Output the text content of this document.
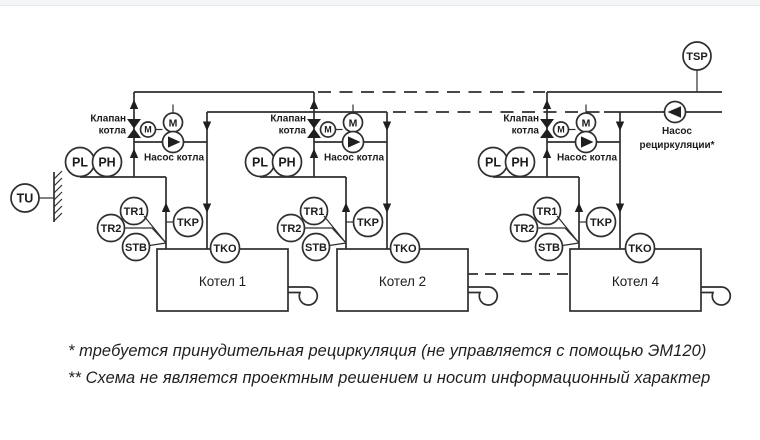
TSP
Насос
рециркуляции*
TU
M
M
Котел 1
PL PH
TR1
TR2
STB
TKP
TKO
Клапан
котла
Насос котла
M
M
Котел 2
PL PH
TR1
TR2
STB
TKP
TKO
Клапан
котла
Насос котла
M
M
Котел 4
PL PH
TR1
TR2
STB
TKP
TKO
Клапан
котла
Насос котла
* требуется принудительная рециркуляция (не управляется с помощью ЭМ120)
** Схема не является проектным решением и носит информационный характер
